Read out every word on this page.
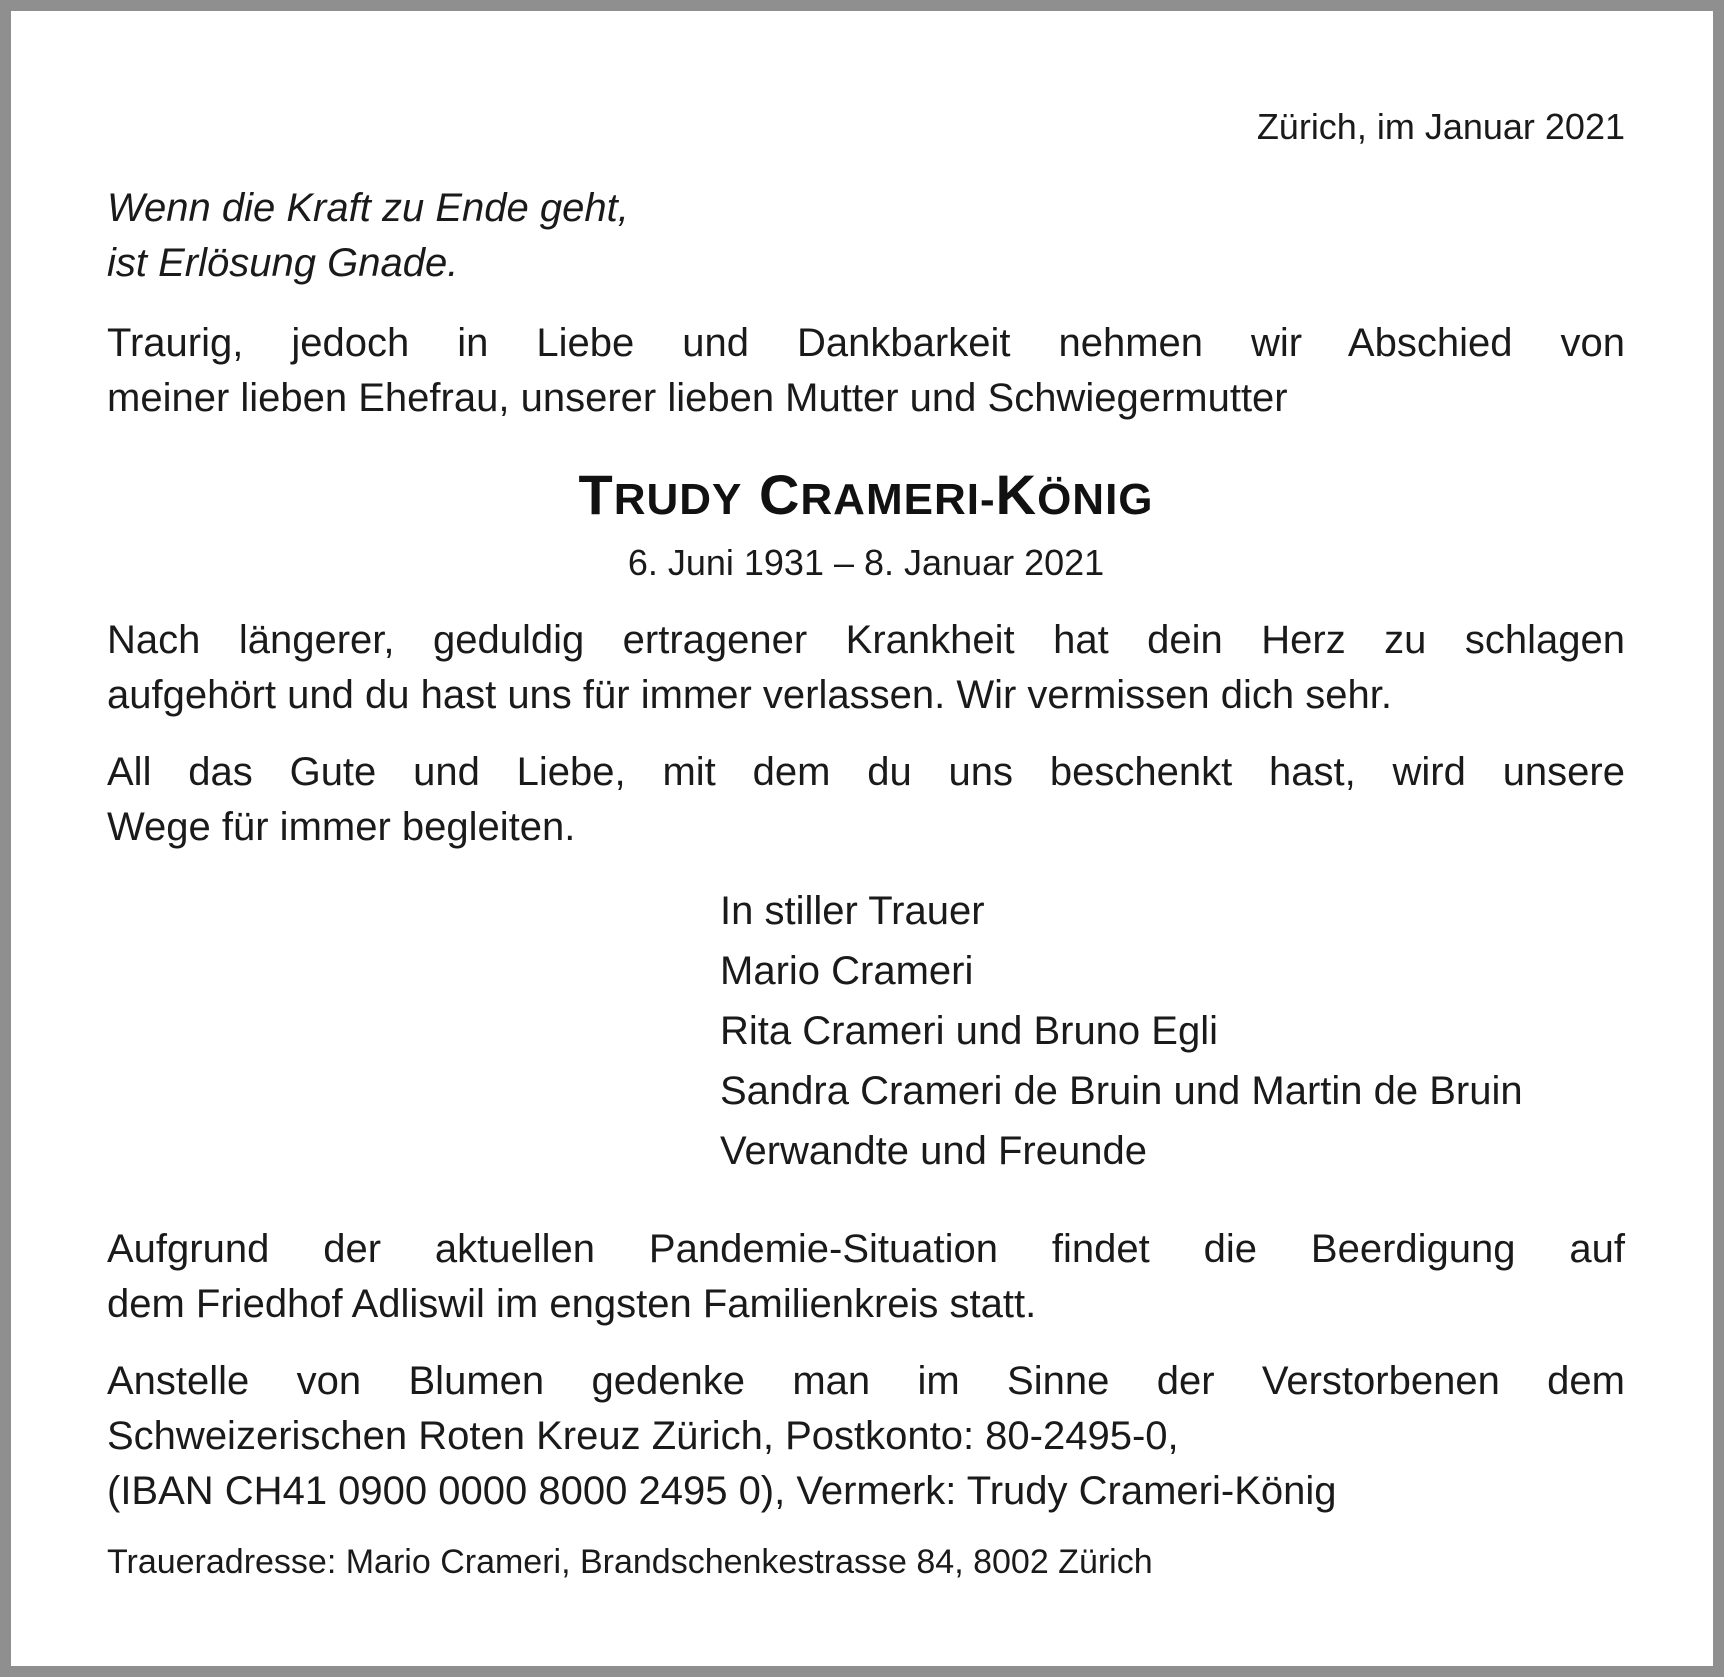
Zürich, im Januar 2021
Wenn die Kraft zu Ende geht,
ist Erlösung Gnade.
Traurig, jedoch in Liebe und Dankbarkeit nehmen wir Abschied von
meiner lieben Ehefrau, unserer lieben Mutter und Schwiegermutter
TRUDY CRAMERI-KÖNIG
6. Juni 1931 – 8. Januar 2021
Nach längerer, geduldig ertragener Krankheit hat dein Herz zu schlagen
aufgehört und du hast uns für immer verlassen. Wir vermissen dich sehr.
All das Gute und Liebe, mit dem du uns beschenkt hast, wird unsere
Wege für immer begleiten.
In stiller Trauer
Mario Crameri
Rita Crameri und Bruno Egli
Sandra Crameri de Bruin und Martin de Bruin
Verwandte und Freunde
Aufgrund der aktuellen Pandemie-Situation findet die Beerdigung auf
dem Friedhof Adliswil im engsten Familienkreis statt.
Anstelle von Blumen gedenke man im Sinne der Verstorbenen dem
Schweizerischen Roten Kreuz Zürich, Postkonto: 80-2495-0,
(IBAN CH41 0900 0000 8000 2495 0), Vermerk: Trudy Crameri-König
Traueradresse: Mario Crameri, Brandschenkestrasse 84, 8002 Zürich
